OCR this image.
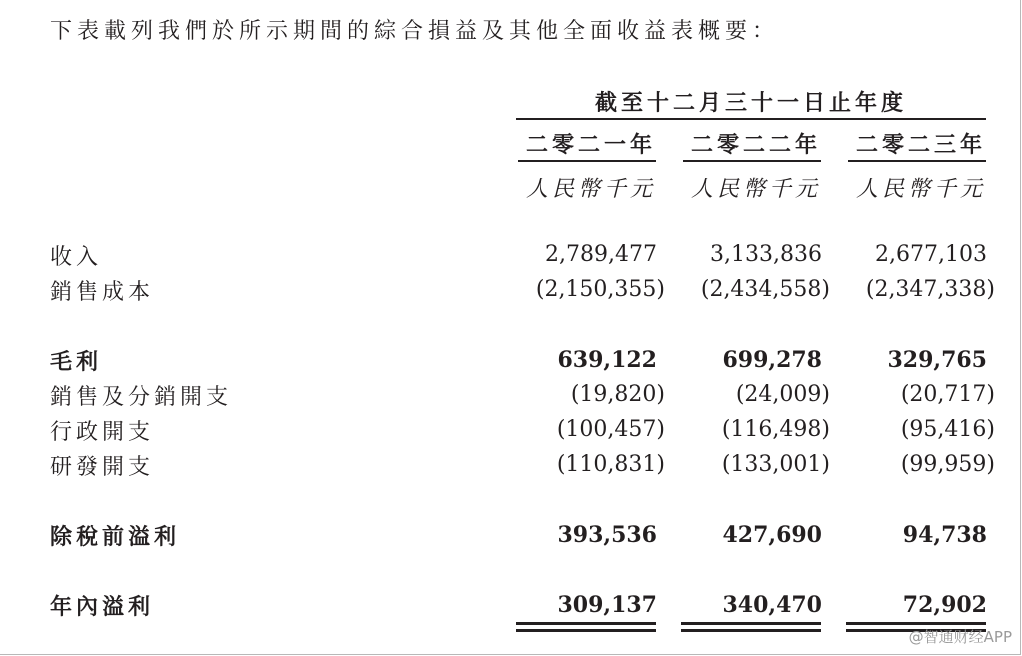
下表載列我們於所示期間的綜合損益及其他全面收益表概要：
截至十二月三十一日止年度
二零二一年	二零二二年	二零二三年
人民幣千元	人民幣千元	人民幣千元
收入	2,789,477	3,133,836	2,677,103
銷售成本	(2,150,355)	(2,434,558)	(2,347,338)
毛利	639,122	699,278	329,765
銷售及分銷開支	(19,820)	(24,009)	(20,717)
行政開支	(100,457)	(116,498)	(95,416)
研發開支	(110,831)	(133,001)	(99,959)
除稅前溢利	393,536	427,690	94,738
年內溢利	309,137	340,470	72,902
@智通财经APP
